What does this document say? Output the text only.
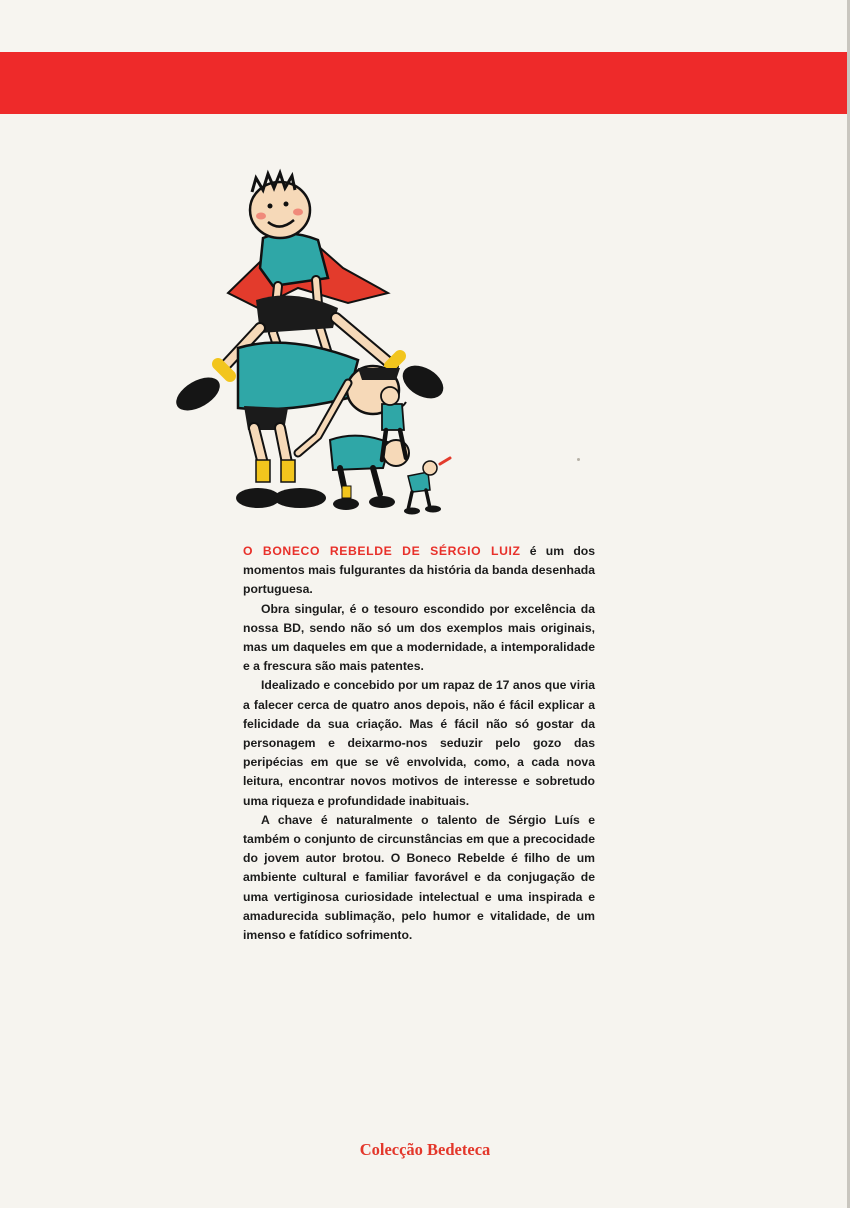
O BONECO REBELDE DE SÉRGIO LUIZ é um dos momentos mais fulgurantes da história da banda desenhada portuguesa.

Obra singular, é o tesouro escondido por excelência da nossa BD, sendo não só um dos exemplos mais originais, mas um daqueles em que a modernidade, a intemporalidade e a frescura são mais patentes.

Idealizado e concebido por um rapaz de 17 anos que viria a falecer cerca de quatro anos depois, não é fácil explicar a felicidade da sua criação. Mas é fácil não só gostar da personagem e deixarmo-nos seduzir pelo gozo das peripécias em que se vê envolvida, como, a cada nova leitura, encontrar novos motivos de interesse e sobretudo uma riqueza e profundidade inabituais.

A chave é naturalmente o talento de Sérgio Luís e também o conjunto de circunstâncias em que a precocidade do jovem autor brotou. O Boneco Rebelde é filho de um ambiente cultural e familiar favorável e da conjugação de uma vertiginosa curiosidade intelectual e uma inspirada e amadurecida sublimação, pelo humor e vitalidade, de um imenso e fatídico sofrimento.

Colecção Bedeteca
